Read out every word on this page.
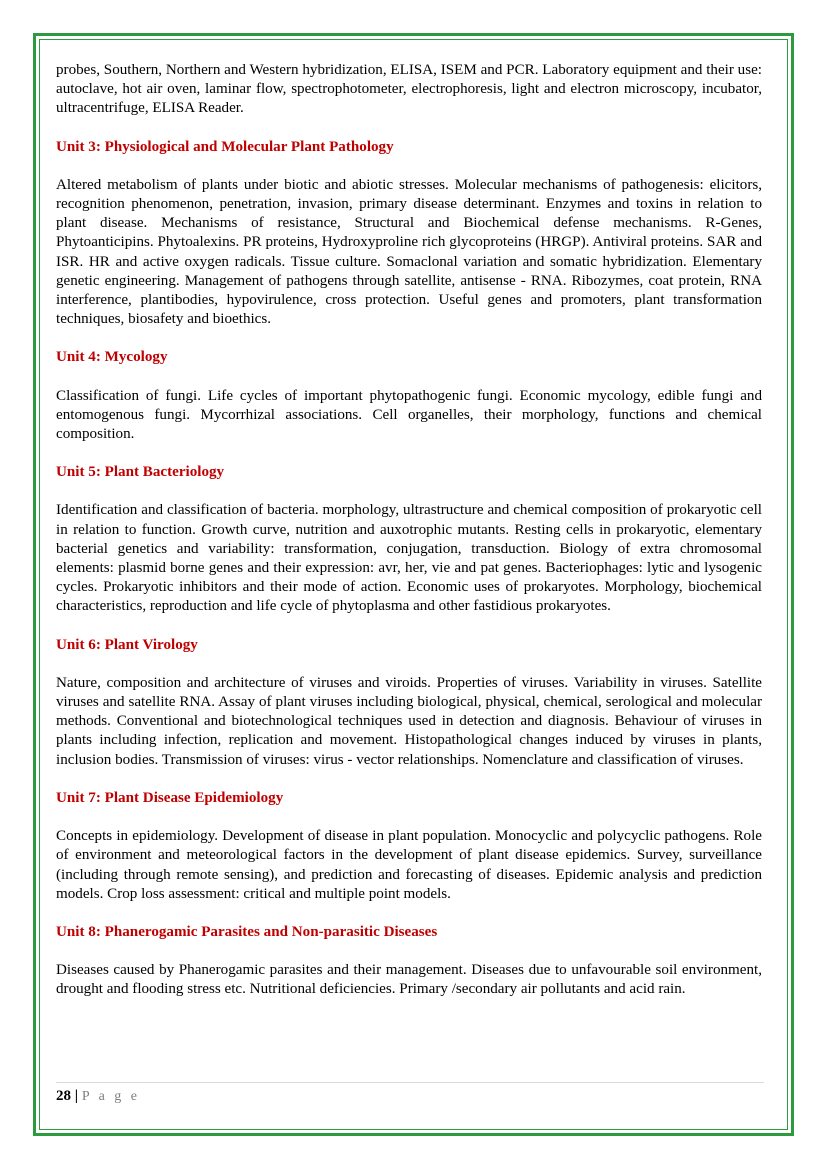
probes, Southern, Northern and Western hybridization, ELISA, ISEM and PCR. Laboratory equipment and their use: autoclave, hot air oven, laminar flow, spectrophotometer, electrophoresis, light and electron microscopy, incubator, ultracentrifuge, ELISA Reader.

Unit 3: Physiological and Molecular Plant Pathology

Altered metabolism of plants under biotic and abiotic stresses. Molecular mechanisms of pathogenesis: elicitors, recognition phenomenon, penetration, invasion, primary disease determinant. Enzymes and toxins in relation to plant disease. Mechanisms of resistance, Structural and Biochemical defense mechanisms. R-Genes, Phytoanticipins. Phytoalexins. PR proteins, Hydroxyproline rich glycoproteins (HRGP). Antiviral proteins. SAR and ISR. HR and active oxygen radicals. Tissue culture. Somaclonal variation and somatic hybridization. Elementary genetic engineering. Management of pathogens through satellite, antisense - RNA. Ribozymes, coat protein, RNA interference, plantibodies, hypovirulence, cross protection. Useful genes and promoters, plant transformation techniques, biosafety and bioethics.

Unit 4: Mycology

Classification of fungi. Life cycles of important phytopathogenic fungi. Economic mycology, edible fungi and entomogenous fungi. Mycorrhizal associations. Cell organelles, their morphology, functions and chemical composition.

Unit 5: Plant Bacteriology

Identification and classification of bacteria. morphology, ultrastructure and chemical composition of prokaryotic cell in relation to function. Growth curve, nutrition and auxotrophic mutants. Resting cells in prokaryotic, elementary bacterial genetics and variability: transformation, conjugation, transduction. Biology of extra chromosomal elements: plasmid borne genes and their expression: avr, her, vie and pat genes. Bacteriophages: lytic and lysogenic cycles. Prokaryotic inhibitors and their mode of action. Economic uses of prokaryotes. Morphology, biochemical characteristics, reproduction and life cycle of phytoplasma and other fastidious prokaryotes.

Unit 6: Plant Virology

Nature, composition and architecture of viruses and viroids. Properties of viruses. Variability in viruses. Satellite viruses and satellite RNA. Assay of plant viruses including biological, physical, chemical, serological and molecular methods. Conventional and biotechnological techniques used in detection and diagnosis. Behaviour of viruses in plants including infection, replication and movement. Histopathological changes induced by viruses in plants, inclusion bodies. Transmission of viruses: virus - vector relationships. Nomenclature and classification of viruses.

Unit 7: Plant Disease Epidemiology

Concepts in epidemiology. Development of disease in plant population. Monocyclic and polycyclic pathogens. Role of environment and meteorological factors in the development of plant disease epidemics. Survey, surveillance (including through remote sensing), and prediction and forecasting of diseases. Epidemic analysis and prediction models. Crop loss assessment: critical and multiple point models.

Unit 8: Phanerogamic Parasites and Non-parasitic Diseases

Diseases caused by Phanerogamic parasites and their management. Diseases due to unfavourable soil environment, drought and flooding stress etc. Nutritional deficiencies. Primary /secondary air pollutants and acid rain.

28 | P a g e
